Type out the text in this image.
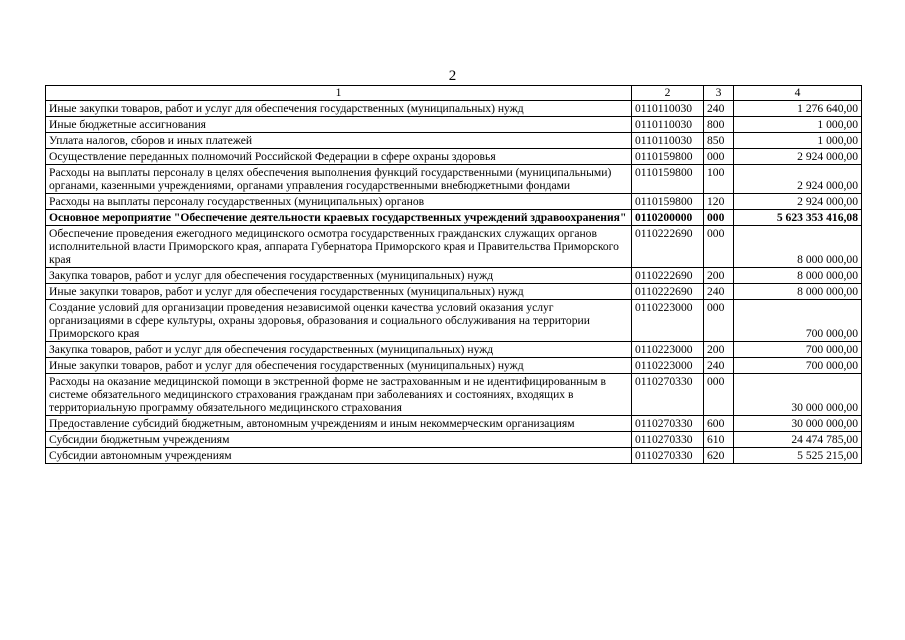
2
1	2	3	4
Иные закупки товаров, работ и услуг для обеспечения государственных (муниципальных) нужд	0110110030	240	1 276 640,00
Иные бюджетные ассигнования	0110110030	800	1 000,00
Уплата налогов, сборов и иных платежей	0110110030	850	1 000,00
Осуществление переданных полномочий Российской Федерации в сфере охраны здоровья	0110159800	000	2 924 000,00
Расходы на выплаты персоналу в целях обеспечения выполнения функций государственными (муниципальными) органами, казенными учреждениями, органами управления государственными внебюджетными фондами	0110159800	100	2 924 000,00
Расходы на выплаты персоналу государственных (муниципальных) органов	0110159800	120	2 924 000,00
Основное мероприятие "Обеспечение деятельности краевых государственных учреждений здравоохранения"	0110200000	000	5 623 353 416,08
Обеспечение проведения ежегодного медицинского осмотра государственных гражданских служащих органов исполнительной власти Приморского края, аппарата Губернатора Приморского края и Правительства Приморского края	0110222690	000	8 000 000,00
Закупка товаров, работ и услуг для обеспечения государственных (муниципальных) нужд	0110222690	200	8 000 000,00
Иные закупки товаров, работ и услуг для обеспечения государственных (муниципальных) нужд	0110222690	240	8 000 000,00
Создание условий для организации проведения независимой оценки качества условий оказания услуг организациями в сфере культуры, охраны здоровья, образования и социального обслуживания на территории Приморского края	0110223000	000	700 000,00
Закупка товаров, работ и услуг для обеспечения государственных (муниципальных) нужд	0110223000	200	700 000,00
Иные закупки товаров, работ и услуг для обеспечения государственных (муниципальных) нужд	0110223000	240	700 000,00
Расходы на оказание медицинской помощи в экстренной форме не застрахованным и не идентифицированным в системе обязательного медицинского страхования гражданам при заболеваниях и состояниях, входящих в территориальную программу обязательного медицинского страхования	0110270330	000	30 000 000,00
Предоставление субсидий бюджетным, автономным учреждениям и иным некоммерческим организациям	0110270330	600	30 000 000,00
Субсидии бюджетным учреждениям	0110270330	610	24 474 785,00
Субсидии автономным учреждениям	0110270330	620	5 525 215,00
